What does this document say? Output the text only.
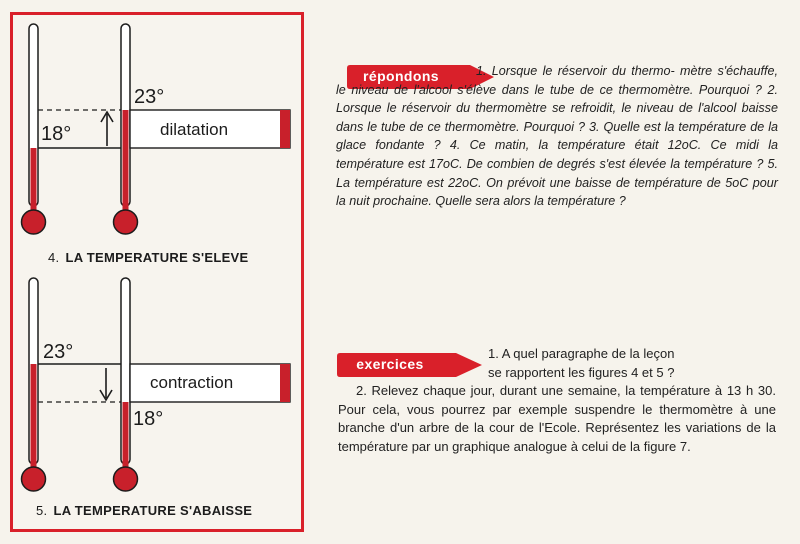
18°
23°
dilatation
23°
18°
contraction
4. LA TEMPERATURE S'ELEVE
5. LA TEMPERATURE S'ABAISSE
répondons	1. Lorsque le réservoir du thermo- mètre s'échauffe, le niveau de l'alcool s'élève dans le tube de ce thermomètre. Pourquoi ? 2. Lorsque le réservoir du thermomètre se refroidit, le niveau de l'alcool baisse dans le tube de ce thermomètre. Pourquoi ? 3. Quelle est la température de la glace fondante ? 4. Ce matin, la température était 12oC. Ce midi la température est 17oC. De combien de degrés s'est élevée la température ? 5. La température est 22oC. On prévoit une baisse de température de 5oC pour la nuit prochaine. Quelle sera alors la température ?
exercices
1. A quel paragraphe de la leçon
se rapportent les figures 4 et 5 ?
2. Relevez chaque jour, durant une semaine, la température à 13 h 30. Pour cela, vous pourrez par exemple suspendre le thermomètre à une branche d'un arbre de la cour de l'Ecole. Représentez les variations de la température par un graphique analogue à celui de la figure 7.
